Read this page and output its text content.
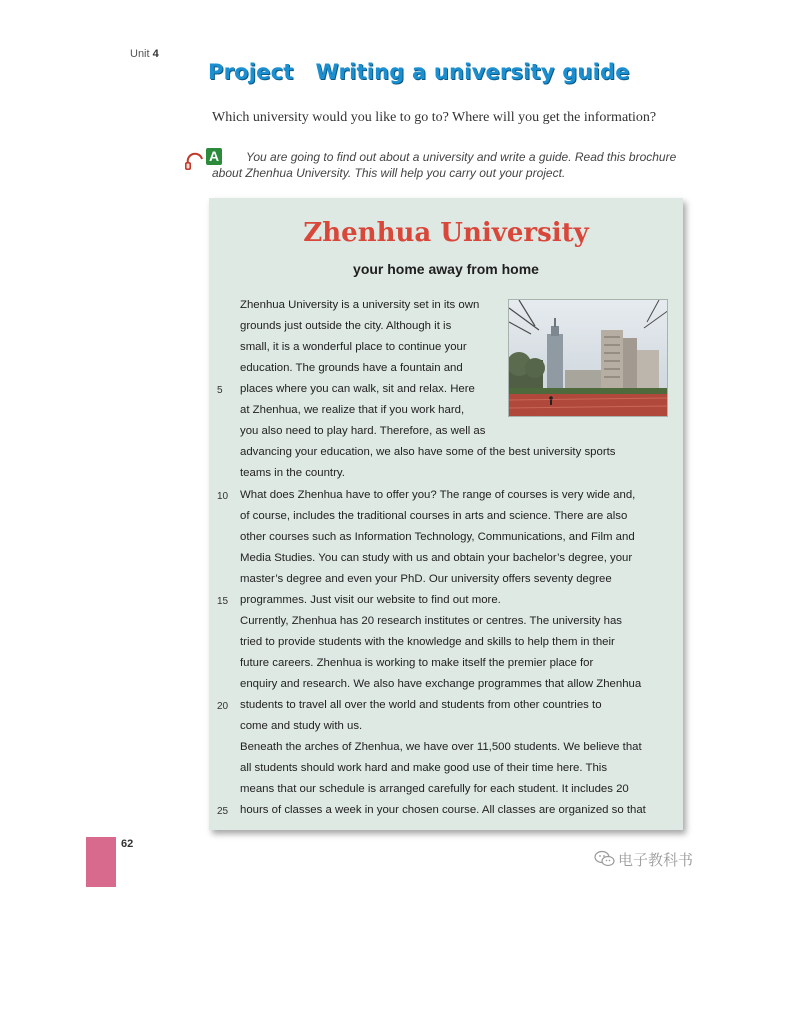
Unit 4
Project Writing a university guide
Which university would you like to go to? Where will you get the information?
A	You are going to find out about a university and write a guide. Read this brochure about Zhenhua University. This will help you carry out your project.
Zhenhua University
your home away from home
Zhenhua University is a university set in its own
grounds just outside the city. Although it is
small, it is a wonderful place to continue your
education. The grounds have a fountain and
places where you can walk, sit and relax. Here
at Zhenhua, we realize that if you work hard,
you also need to play hard. Therefore, as well as
advancing your education, we also have some of the best university sports
teams in the country.
What does Zhenhua have to offer you? The range of courses is very wide and,
of course, includes the traditional courses in arts and science. There are also
other courses such as Information Technology, Communications, and Film and
Media Studies. You can study with us and obtain your bachelor’s degree, your
master’s degree and even your PhD. Our university offers seventy degree
programmes. Just visit our website to find out more.
Currently, Zhenhua has 20 research institutes or centres. The university has
tried to provide students with the knowledge and skills to help them in their
future careers. Zhenhua is working to make itself the premier place for
enquiry and research. We also have exchange programmes that allow Zhenhua
students to travel all over the world and students from other countries to
come and study with us.
Beneath the arches of Zhenhua, we have over 11,500 students. We believe that
all students should work hard and make good use of their time here. This
means that our schedule is arranged carefully for each student. It includes 20
hours of classes a week in your chosen course. All classes are organized so that
5
10
15
20
25
62
电子教科书
